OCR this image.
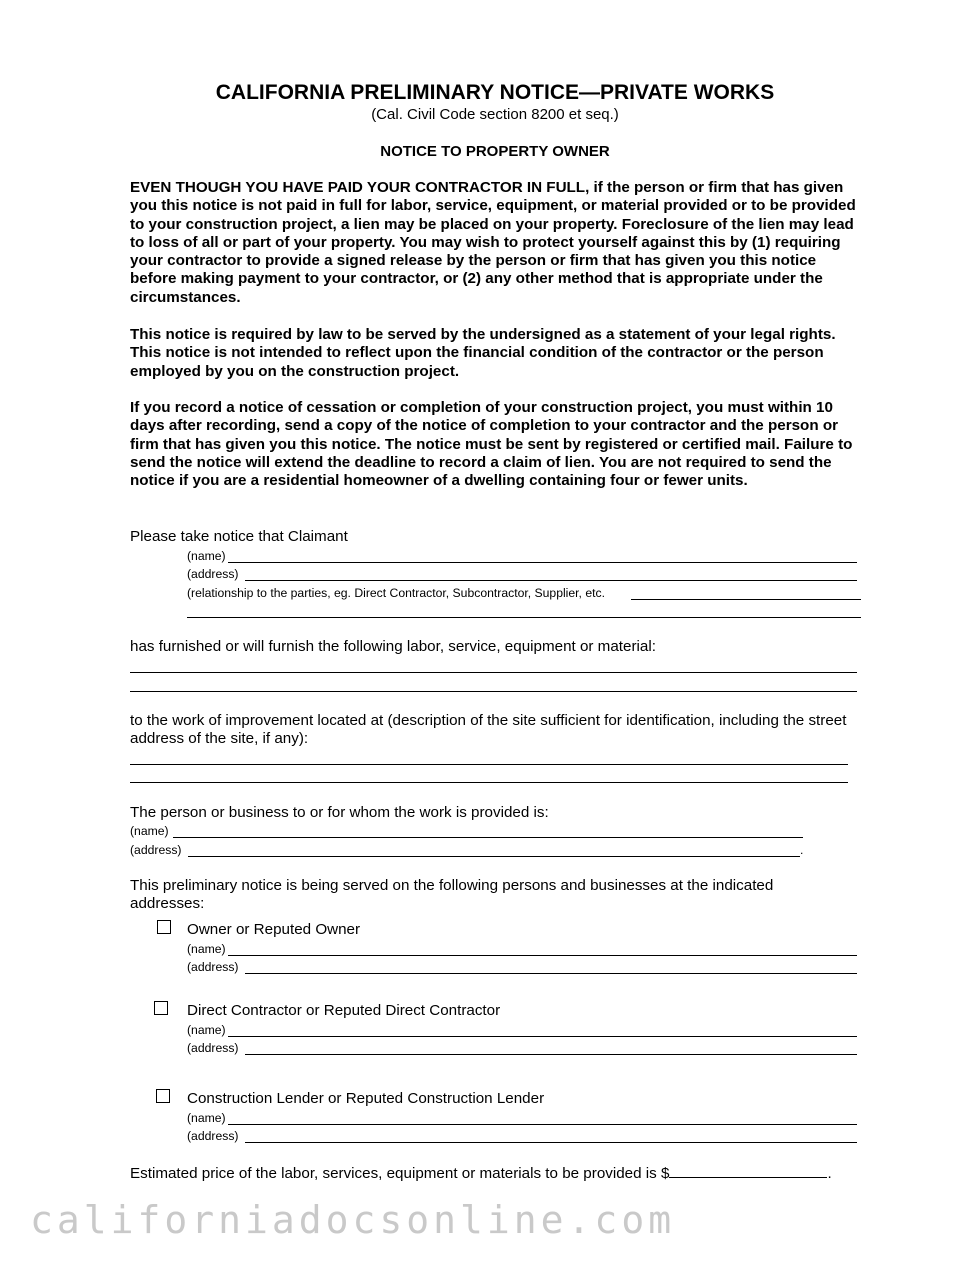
CALIFORNIA PRELIMINARY NOTICE—PRIVATE WORKS
(Cal. Civil Code section 8200 et seq.)
NOTICE TO PROPERTY OWNER
EVEN THOUGH YOU HAVE PAID YOUR CONTRACTOR IN FULL, if the person or firm that has given you this notice is not paid in full for labor, service, equipment, or material provided or to be provided to your construction project, a lien may be placed on your property. Foreclosure of the lien may lead to loss of all or part of your property. You may wish to protect yourself against this by (1) requiring your contractor to provide a signed release by the person or firm that has given you this notice before making payment to your contractor, or (2) any other method that is appropriate under the circumstances.
This notice is required by law to be served by the undersigned as a statement of your legal rights. This notice is not intended to reflect upon the financial condition of the contractor or the person employed by you on the construction project.
If you record a notice of cessation or completion of your construction project, you must within 10 days after recording, send a copy of the notice of completion to your contractor and the person or firm that has given you this notice. The notice must be sent by registered or certified mail. Failure to send the notice will extend the deadline to record a claim of lien. You are not required to send the notice if you are a residential homeowner of a dwelling containing four or fewer units.
Please take notice that Claimant
(name)
(address)
(relationship to the parties, eg. Direct Contractor, Subcontractor, Supplier, etc.
has furnished or will furnish the following labor, service, equipment or material:
to the work of improvement located at (description of the site sufficient for identification, including the street address of the site, if any):
The person or business to or for whom the work is provided is:
(name)
(address)	.
This preliminary notice is being served on the following persons and businesses at the indicated addresses:
Owner or Reputed Owner
(name)
(address)
Direct Contractor or Reputed Direct Contractor
(name)
(address)
Construction Lender or Reputed Construction Lender
(name)
(address)
Estimated price of the labor, services, equipment or materials to be provided is $	.
californiadocsonline.com
